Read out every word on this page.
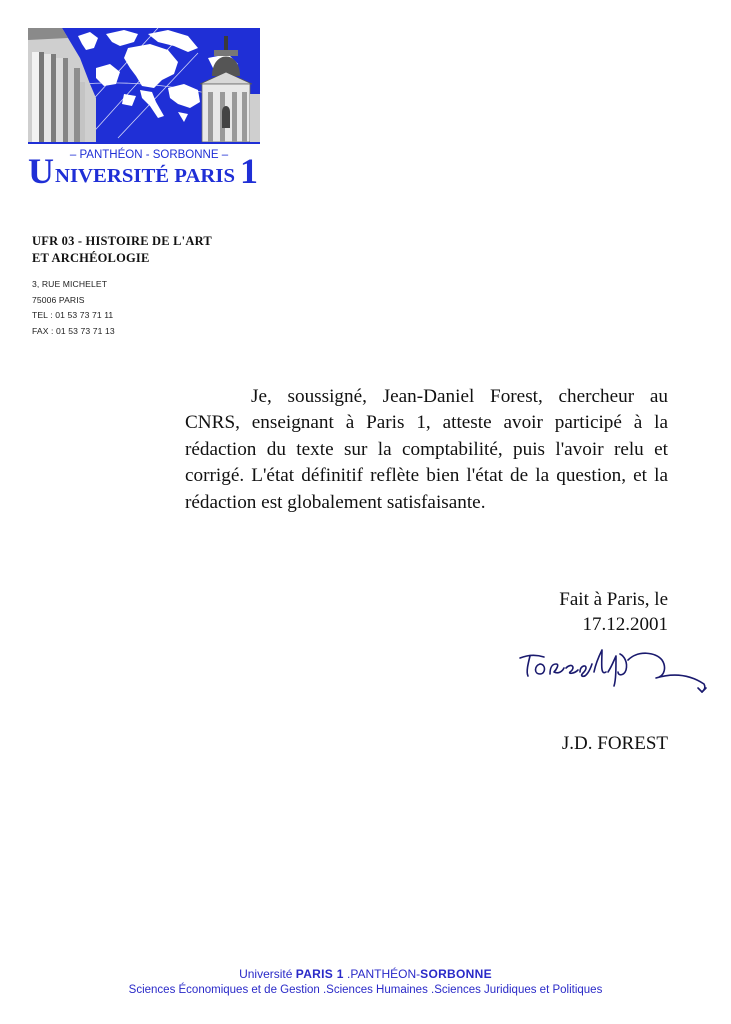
– PANTHÉON - SORBONNE –
U NIVERSITÉ PARIS 1
UFR 03 - HISTOIRE DE L'ART
ET ARCHÉOLOGIE
3, RUE MICHELET
75006 PARIS
TEL : 01 53 73 71 11
FAX : 01 53 73 71 13

Je, soussigné, Jean-Daniel Forest, chercheur au CNRS, enseignant à Paris 1, atteste avoir participé à la rédaction du texte sur la comptabilité, puis l'avoir relu et corrigé. L'état définitif reflète bien l'état de la question, et la rédaction est globalement satisfaisante.

Fait à Paris, le
17.12.2001
J.D. FOREST
Université PARIS 1 .PANTHÉON-SORBONNE
Sciences Économiques et de Gestion .Sciences Humaines .Sciences Juridiques et Politiques
